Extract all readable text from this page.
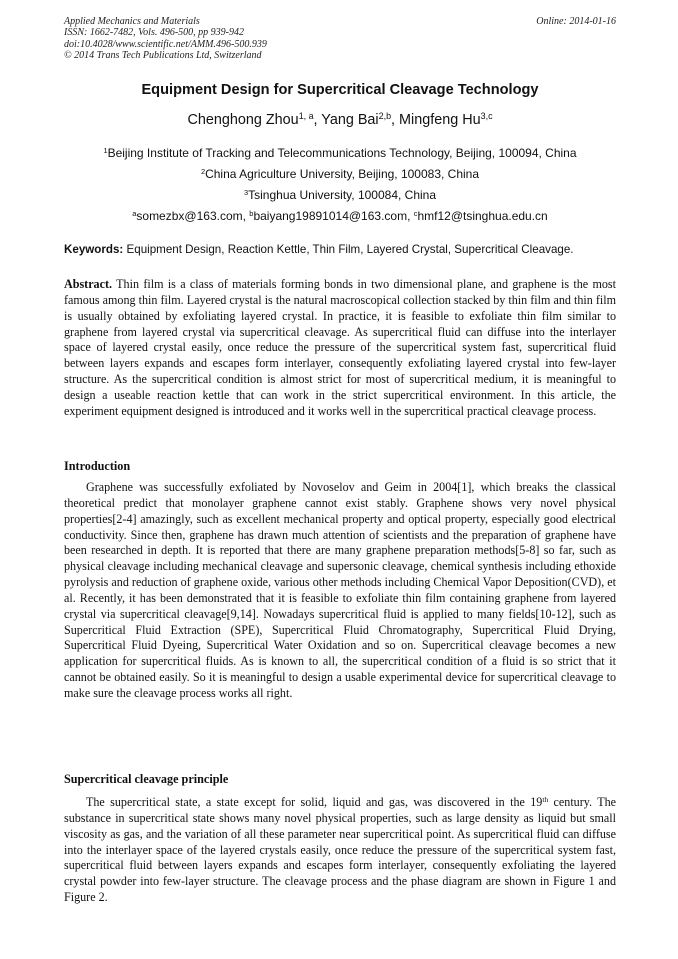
Applied Mechanics and Materials
ISSN: 1662-7482, Vols. 496-500, pp 939-942
doi:10.4028/www.scientific.net/AMM.496-500.939
© 2014 Trans Tech Publications Ltd, Switzerland
Online: 2014-01-16
Equipment Design for Supercritical Cleavage Technology
Chenghong Zhou$^{1, a}$, Yang Bai$^{2,b}$, Mingfeng Hu$^{3,c}$
$^1$Beijing Institute of Tracking and Telecommunications Technology, Beijing, 100094, China
$^2$China Agriculture University, Beijing, 100083, China
$^3$Tsinghua University, 100084, China
$^a$somezbx@163.com, $^b$baiyang19891014@163.com, $^c$hmf12@tsinghua.edu.cn
Keywords: Equipment Design, Reaction Kettle, Thin Film, Layered Crystal, Supercritical Cleavage.
Abstract. Thin film is a class of materials forming bonds in two dimensional plane, and graphene is the most famous among thin film. Layered crystal is the natural macroscopical collection stacked by thin film and thin film is usually obtained by exfoliating layered crystal. In practice, it is feasible to exfoliate thin film similar to graphene from layered crystal via supercritical cleavage. As supercritical fluid can diffuse into the interlayer space of layered crystal easily, once reduce the pressure of the supercritical system fast, supercritical fluid between layers expands and escapes form interlayer, consequently exfoliating layered crystal into few-layer structure. As the supercritical condition is almost strict for most of supercritical medium, it is meaningful to design a useable reaction kettle that can work in the strict supercritical environment. In this article, the experiment equipment designed is introduced and it works well in the supercritical practical cleavage process.
Introduction
Graphene was successfully exfoliated by Novoselov and Geim in 2004[1], which breaks the classical theoretical predict that monolayer graphene cannot exist stably. Graphene shows very novel physical properties[2-4] amazingly, such as excellent mechanical property and optical property, especially good electrical conductivity. Since then, graphene has drawn much attention of scientists and the preparation of graphene have been researched in depth. It is reported that there are many graphene preparation methods[5-8] so far, such as physical cleavage including mechanical cleavage and supersonic cleavage, chemical synthesis including ethoxide pyrolysis and reduction of graphene oxide, various other methods including Chemical Vapor Deposition(CVD), et al. Recently, it has been demonstrated that it is feasible to exfoliate thin film containing graphene from layered crystal via supercritical cleavage[9,14]. Nowadays supercritical fluid is applied to many fields[10-12], such as Supercritical Fluid Extraction (SPE), Supercritical Fluid Chromatography, Supercritical Fluid Drying, Supercritical Fluid Dyeing, Supercritical Water Oxidation and so on. Supercritical cleavage becomes a new application for supercritical fluids. As is known to all, the supercritical condition of a fluid is so strict that it cannot be obtained easily. So it is meaningful to design a usable experimental device for supercritical cleavage to make sure the cleavage process works all right.
Supercritical cleavage principle
The supercritical state, a state except for solid, liquid and gas, was discovered in the 19th century. The substance in supercritical state shows many novel physical properties, such as large density as liquid but small viscosity as gas, and the variation of all these parameter near supercritical point. As supercritical fluid can diffuse into the interlayer space of the layered crystals easily, once reduce the pressure of the supercritical system fast, supercritical fluid between layers expands and escapes form interlayer, consequently exfoliating the layered crystal powder into few-layer structure. The cleavage process and the phase diagram are shown in Figure 1 and Figure 2.
